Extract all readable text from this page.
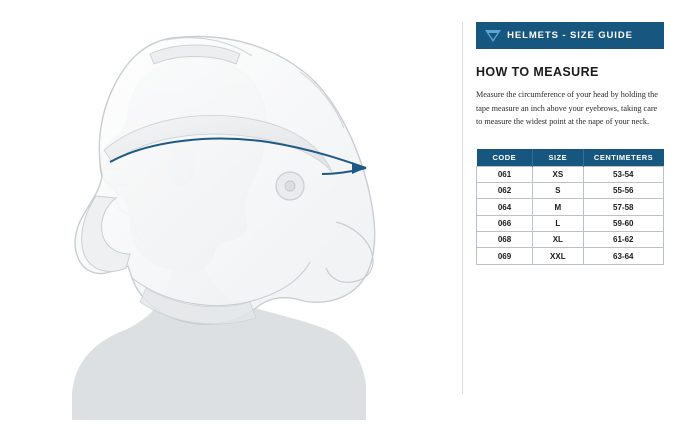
HELMETS - SIZE GUIDE
HOW TO MEASURE

Measure the circumference of your head by holding the tape measure an inch above your eyebrows, taking care to measure the widest point at the nape of your neck.

CODE	SIZE	CENTIMETERS
061	XS	53-54
062	S	55-56
064	M	57-58
066	L	59-60
068	XL	61-62
069	XXL	63-64
